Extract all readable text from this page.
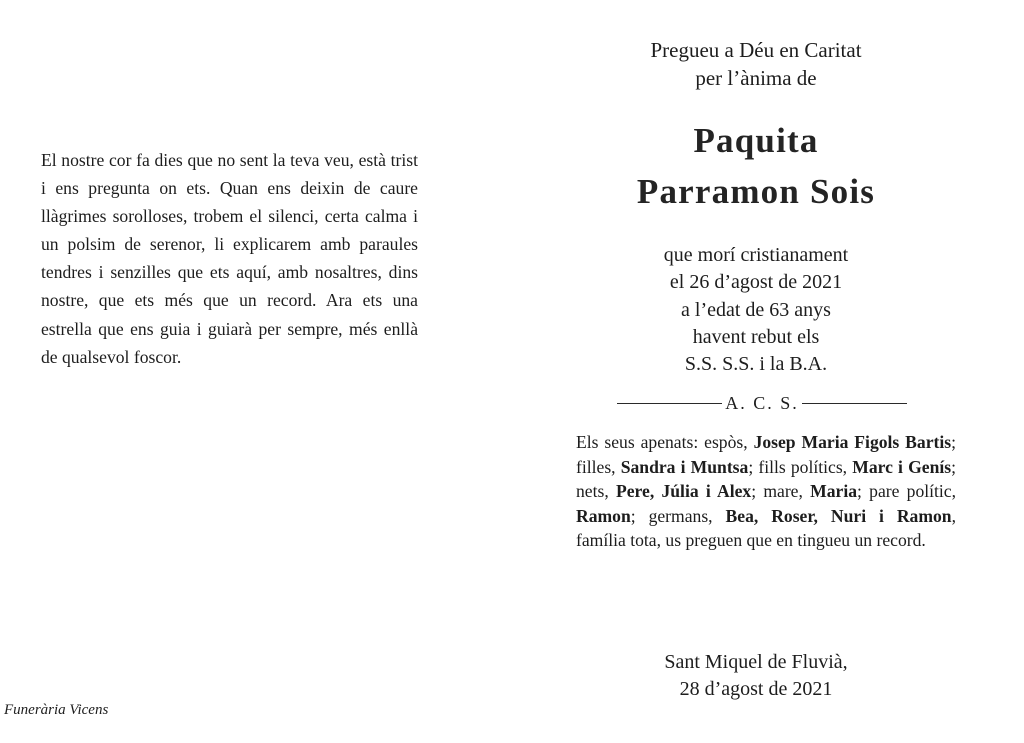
El nostre cor fa dies que no sent la teva veu, està trist i ens pregunta on ets. Quan ens deixin de caure llàgrimes sorolloses, trobem el silenci, certa calma i un polsim de serenor, li explicarem amb paraules tendres i senzilles que ets aquí, amb nosaltres, dins nostre, que ets més que un record. Ara ets una estrella que ens guia i guiarà per sempre, més enllà de qualsevol foscor.
Funerària Vicens
Pregueu a Déu en Caritat
per l’ànima de
Paquita
Parramon Sois
que morí cristianament
el 26 d’agost de 2021
a l’edat de 63 anys
havent rebut els
S.S. S.S. i la B.A.
A. C. S.
Els seus apenats: espòs, Josep Maria Figols Bartis; filles, Sandra i Muntsa; fills polítics, Marc i Genís; nets, Pere, Júlia i Alex; mare, Maria; pare polític, Ramon; germans, Bea, Roser, Nuri i Ramon, família tota, us preguen que en tingueu un record.
Sant Miquel de Fluvià,
28 d’agost de 2021
